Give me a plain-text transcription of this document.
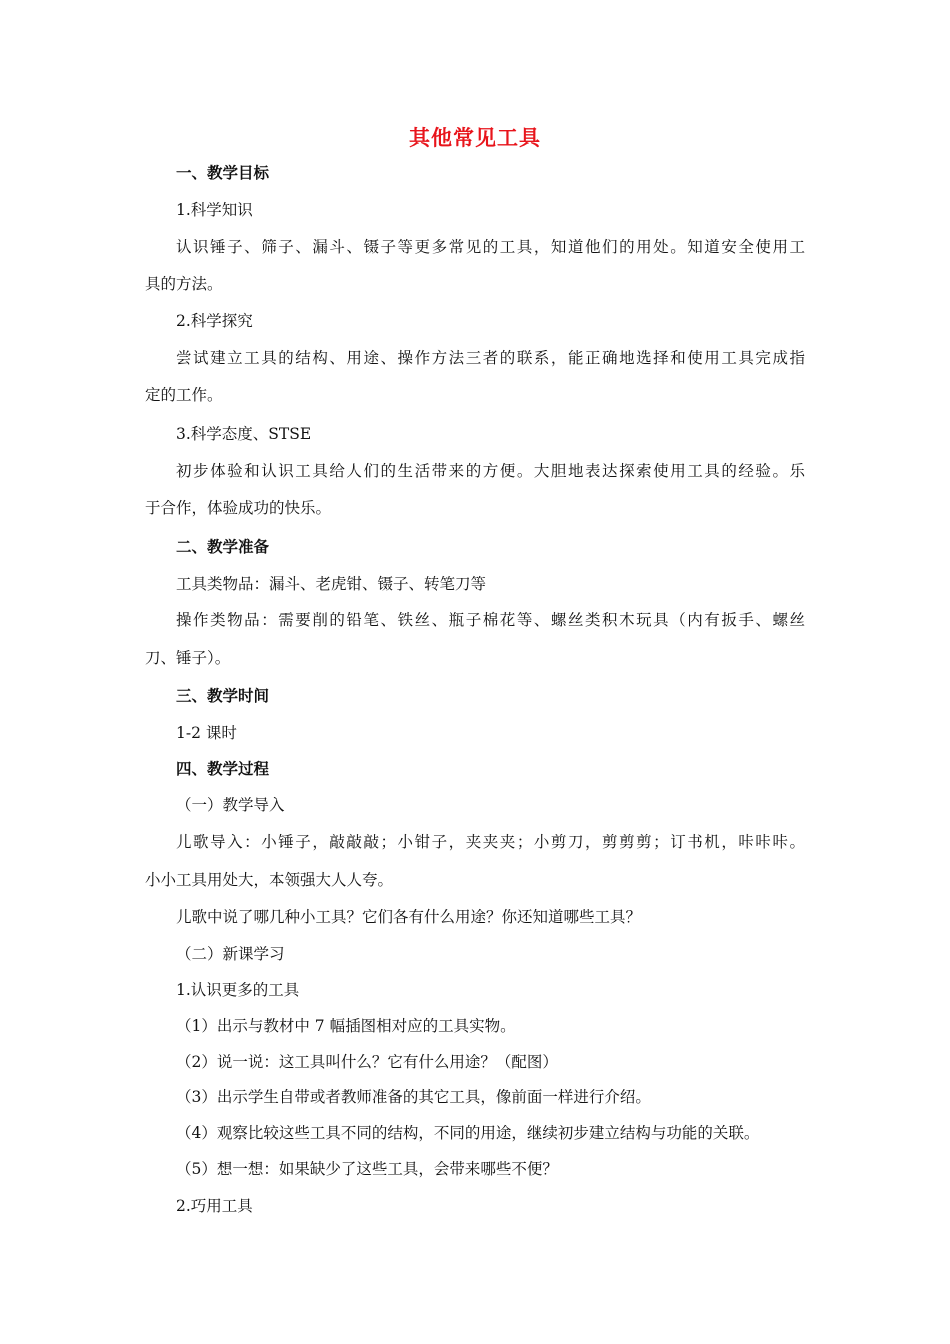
其他常见工具

一、教学目标

1.科学知识

认识锤子、筛子、漏斗、镊子等更多常见的工具，知道他们的用处。知道安全使用工

具的方法。

2.科学探究

尝试建立工具的结构、用途、操作方法三者的联系，能正确地选择和使用工具完成指

定的工作。

3.科学态度、STSE

初步体验和认识工具给人们的生活带来的方便。大胆地表达探索使用工具的经验。乐

于合作，体验成功的快乐。

二、教学准备

工具类物品：漏斗、老虎钳、镊子、转笔刀等

操作类物品：需要削的铅笔、铁丝、瓶子棉花等、螺丝类积木玩具（内有扳手、螺丝

刀、锤子）。

三、教学时间

1-2 课时

四、教学过程

（一）教学导入

儿歌导入：小锤子，敲敲敲；小钳子，夹夹夹；小剪刀，剪剪剪；订书机，咔咔咔。

小小工具用处大，本领强大人人夸。

儿歌中说了哪几种小工具？它们各有什么用途？你还知道哪些工具？

（二）新课学习

1.认识更多的工具

（1）出示与教材中 7 幅插图相对应的工具实物。

（2）说一说：这工具叫什么？它有什么用途？（配图）

（3）出示学生自带或者教师准备的其它工具，像前面一样进行介绍。

（4）观察比较这些工具不同的结构，不同的用途，继续初步建立结构与功能的关联。

（5）想一想：如果缺少了这些工具，会带来哪些不便？

2.巧用工具
